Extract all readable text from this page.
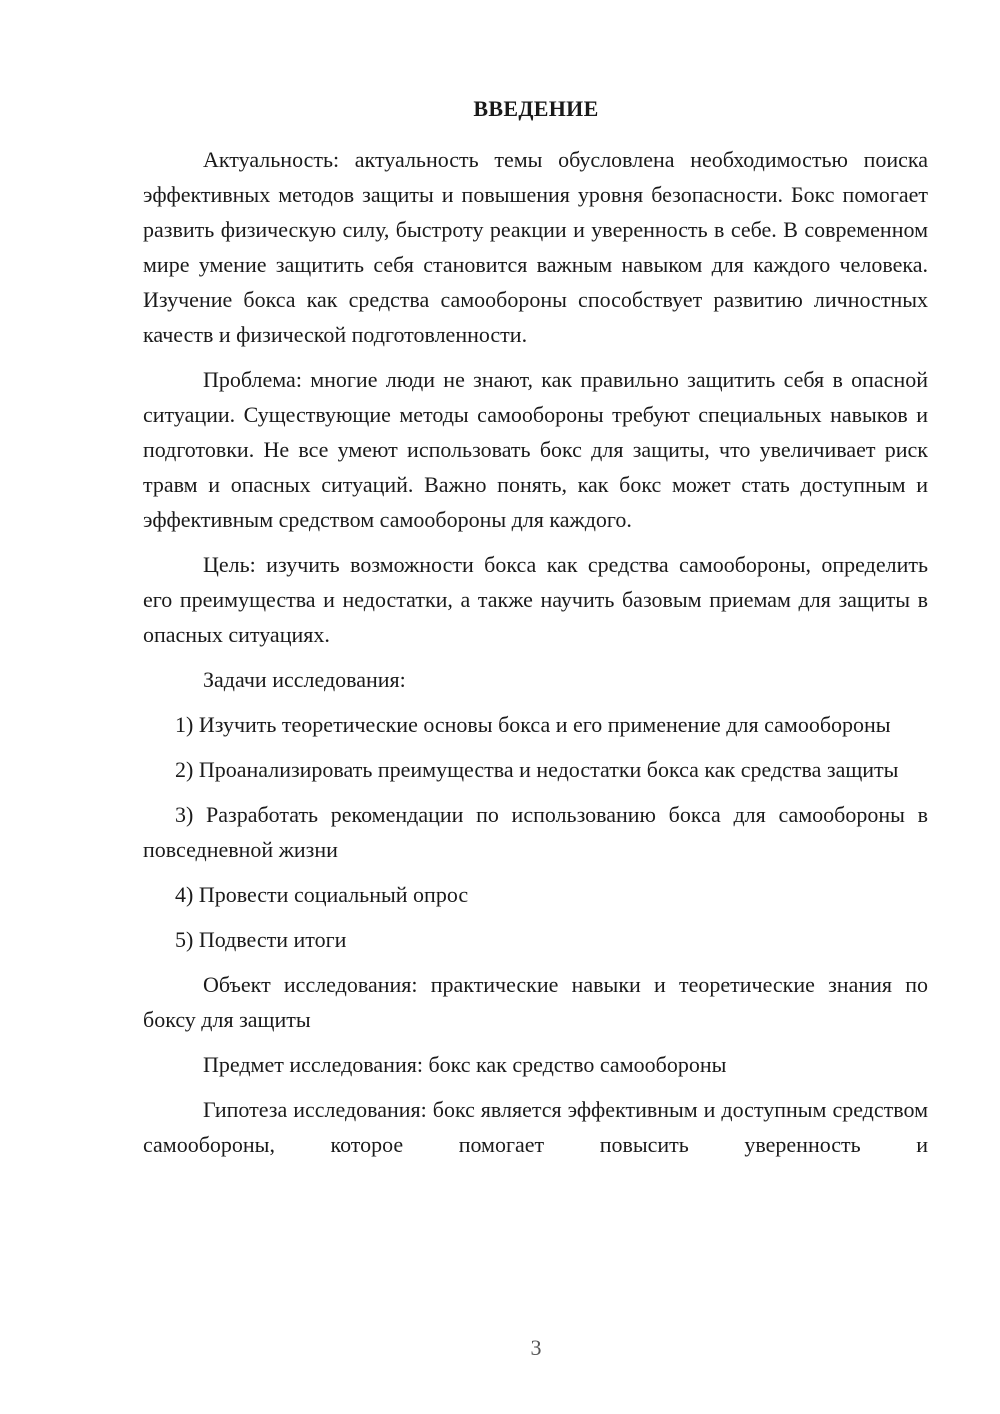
ВВЕДЕНИЕ

Актуальность: актуальность темы обусловлена необходимостью поиска эффективных методов защиты и повышения уровня безопасности. Бокс помогает развить физическую силу, быстроту реакции и уверенность в себе. В современном мире умение защитить себя становится важным навыком для каждого человека. Изучение бокса как средства самообороны способствует развитию личностных качеств и физической подготовленности.

Проблема: многие люди не знают, как правильно защитить себя в опасной ситуации. Существующие методы самообороны требуют специальных навыков и подготовки. Не все умеют использовать бокс для защиты, что увеличивает риск травм и опасных ситуаций. Важно понять, как бокс может стать доступным и эффективным средством самообороны для каждого.

Цель: изучить возможности бокса как средства самообороны, определить его преимущества и недостатки, а также научить базовым приемам для защиты в опасных ситуациях.

Задачи исследования:

1) Изучить теоретические основы бокса и его применение для самообороны

2) Проанализировать преимущества и недостатки бокса как средства защиты

3) Разработать рекомендации по использованию бокса для самообороны в повседневной жизни

4) Провести социальный опрос

5) Подвести итоги

Объект исследования: практические навыки и теоретические знания по боксу для защиты

Предмет исследования: бокс как средство самообороны

Гипотеза исследования: бокс является эффективным и доступным средством самообороны, которое помогает повысить уверенность и

3
